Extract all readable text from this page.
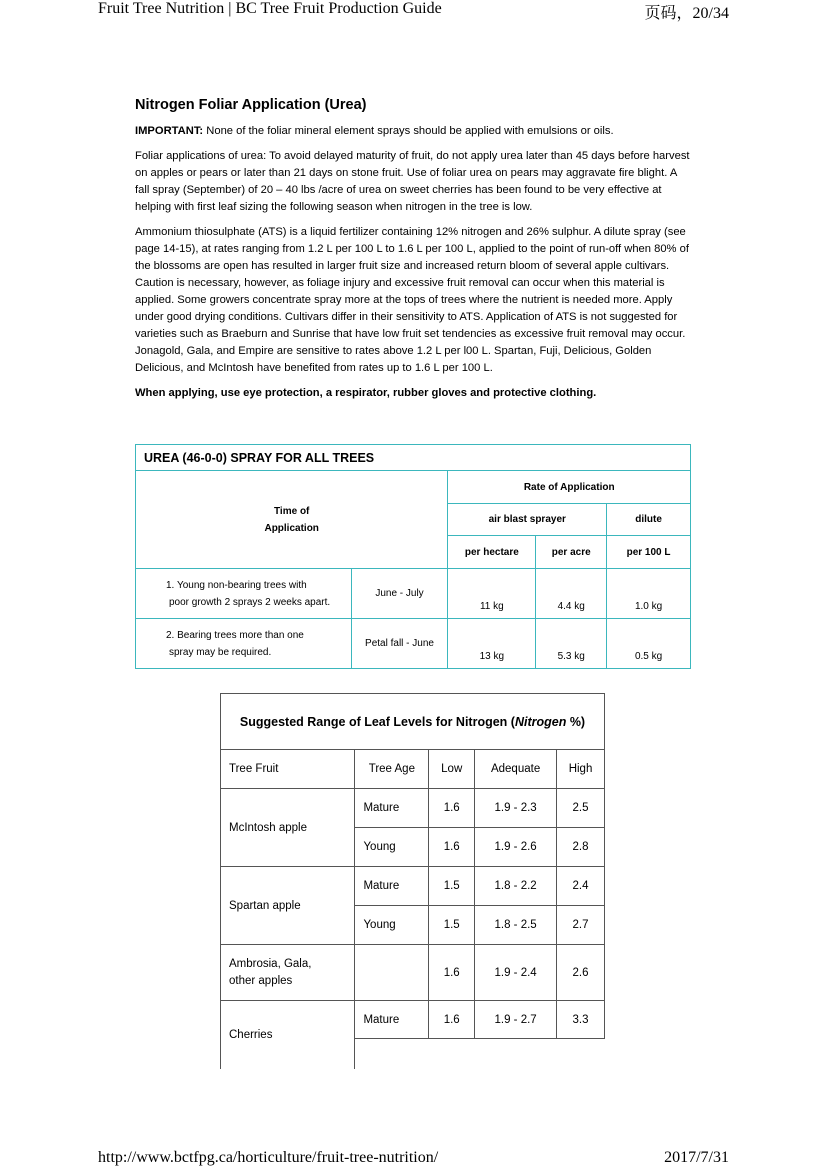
Fruit Tree Nutrition | BC Tree Fruit Production Guide	页码，20/34
Nitrogen Foliar Application (Urea)
IMPORTANT: None of the foliar mineral element sprays should be applied with emulsions or oils.
Foliar applications of urea: To avoid delayed maturity of fruit, do not apply urea later than 45 days before harvest on apples or pears or later than 21 days on stone fruit. Use of foliar urea on pears may aggravate fire blight. A fall spray (September) of 20 – 40 lbs /acre of urea on sweet cherries has been found to be very effective at helping with first leaf sizing the following season when nitrogen in the tree is low.
Ammonium thiosulphate (ATS) is a liquid fertilizer containing 12% nitrogen and 26% sulphur. A dilute spray (see page 14-15), at rates ranging from 1.2 L per 100 L to 1.6 L per 100 L, applied to the point of run-off when 80% of the blossoms are open has resulted in larger fruit size and increased return bloom of several apple cultivars. Caution is necessary, however, as foliage injury and excessive fruit removal can occur when this material is applied. Some growers concentrate spray more at the tops of trees where the nutrient is needed more. Apply under good drying conditions. Cultivars differ in their sensitivity to ATS. Application of ATS is not suggested for varieties such as Braeburn and Sunrise that have low fruit set tendencies as excessive fruit removal may occur. Jonagold, Gala, and Empire are sensitive to rates above 1.2 L per l00 L. Spartan, Fuji, Delicious, Golden Delicious, and McIntosh have benefited from rates up to 1.6 L per 100 L.
When applying, use eye protection, a respirator, rubber gloves and protective clothing.
UREA (46-0-0) SPRAY FOR ALL TREES				

Time of
Application		Rate of Application		
		air blast sprayer		dilute
		per hectare	per acre	per 100 L

1. Young non-bearing trees with
poor growth 2 sprays 2 weeks apart.	June - July	11 kg	4.4 kg	1.0 kg

2. Bearing trees more than one
spray may be required.	Petal fall - June	13 kg	5.3 kg	0.5 kg
Suggested Range of Leaf Levels for Nitrogen (Nitrogen %)				
Tree Fruit	Tree Age	Low	Adequate	High
McIntosh apple	Mature	1.6	1.9 - 2.3	2.5
	Young	1.6	1.9 - 2.6	2.8
Spartan apple	Mature	1.5	1.8 - 2.2	2.4
	Young	1.5	1.8 - 2.5	2.7

Ambrosia, Gala,
other apples		1.6	1.9 - 2.4	2.6
Cherries	Mature	1.6	1.9 - 2.7	3.3

http://www.bctfpg.ca/horticulture/fruit-tree-nutrition/	2017/7/31
